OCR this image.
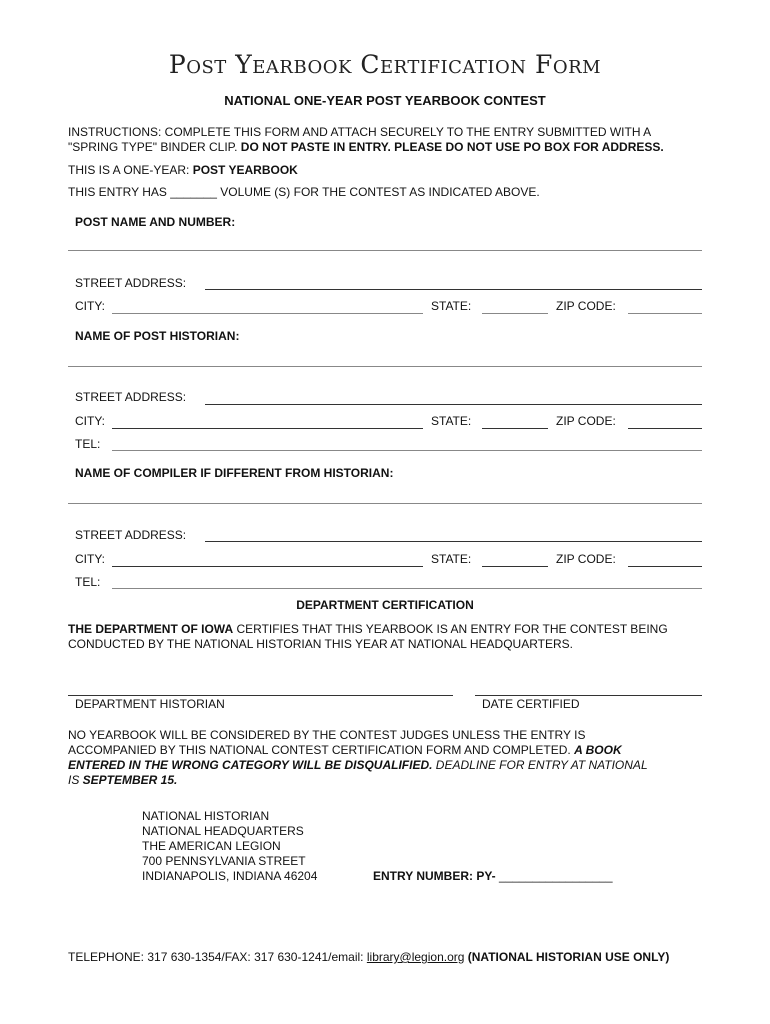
Post Yearbook Certification Form
NATIONAL ONE-YEAR POST YEARBOOK CONTEST
INSTRUCTIONS: COMPLETE THIS FORM AND ATTACH SECURELY TO THE ENTRY SUBMITTED WITH A
"SPRING TYPE" BINDER CLIP. DO NOT PASTE IN ENTRY. PLEASE DO NOT USE PO BOX FOR ADDRESS.
THIS IS A ONE-YEAR: POST YEARBOOK
THIS ENTRY HAS _______ VOLUME (S) FOR THE CONTEST AS INDICATED ABOVE.
POST NAME AND NUMBER:
STREET ADDRESS:
CITY:	STATE:	ZIP CODE:
NAME OF POST HISTORIAN:
STREET ADDRESS:
CITY:	STATE:	ZIP CODE:
TEL:
NAME OF COMPILER IF DIFFERENT FROM HISTORIAN:
STREET ADDRESS:
CITY:	STATE:	ZIP CODE:
TEL:
DEPARTMENT CERTIFICATION
THE DEPARTMENT OF IOWA CERTIFIES THAT THIS YEARBOOK IS AN ENTRY FOR THE CONTEST BEING
CONDUCTED BY THE NATIONAL HISTORIAN THIS YEAR AT NATIONAL HEADQUARTERS.
DEPARTMENT HISTORIAN	DATE CERTIFIED
NO YEARBOOK WILL BE CONSIDERED BY THE CONTEST JUDGES UNLESS THE ENTRY IS
ACCOMPANIED BY THIS NATIONAL CONTEST CERTIFICATION FORM AND COMPLETED. A BOOK
ENTERED IN THE WRONG CATEGORY WILL BE DISQUALIFIED. DEADLINE FOR ENTRY AT NATIONAL
IS SEPTEMBER 15.
NATIONAL HISTORIAN
NATIONAL HEADQUARTERS
THE AMERICAN LEGION
700 PENNSYLVANIA STREET
INDIANAPOLIS, INDIANA 46204	ENTRY NUMBER: PY- _________________
TELEPHONE: 317 630-1354/FAX: 317 630-1241/email: library@legion.org (NATIONAL HISTORIAN USE ONLY)
